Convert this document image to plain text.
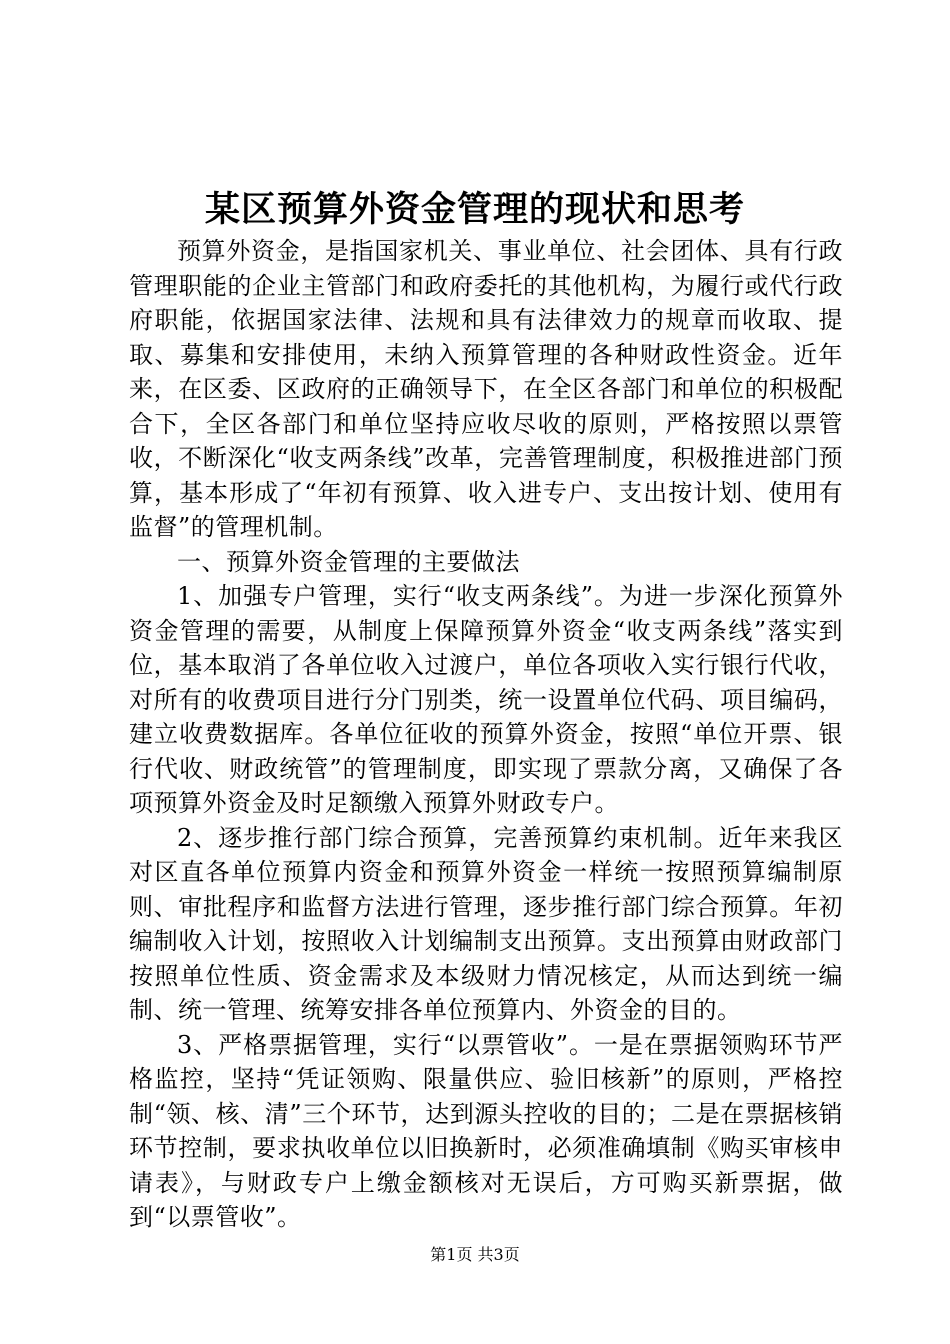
某区预算外资金管理的现状和思考

预算外资金，是指国家机关、事业单位、社会团体、具有行政管理职能的企业主管部门和政府委托的其他机构，为履行或代行政府职能，依据国家法律、法规和具有法律效力的规章而收取、提取、募集和安排使用，未纳入预算管理的各种财政性资金。近年来，在区委、区政府的正确领导下，在全区各部门和单位的积极配合下，全区各部门和单位坚持应收尽收的原则，严格按照以票管收，不断深化“收支两条线”改革，完善管理制度，积极推进部门预算，基本形成了“年初有预算、收入进专户、支出按计划、使用有监督”的管理机制。

一、预算外资金管理的主要做法

1、加强专户管理，实行“收支两条线”。为进一步深化预算外资金管理的需要，从制度上保障预算外资金“收支两条线”落实到位，基本取消了各单位收入过渡户，单位各项收入实行银行代收，对所有的收费项目进行分门别类，统一设置单位代码、项目编码，建立收费数据库。各单位征收的预算外资金，按照“单位开票、银行代收、财政统管”的管理制度，即实现了票款分离，又确保了各项预算外资金及时足额缴入预算外财政专户。

2、逐步推行部门综合预算，完善预算约束机制。近年来我区对区直各单位预算内资金和预算外资金一样统一按照预算编制原则、审批程序和监督方法进行管理，逐步推行部门综合预算。年初编制收入计划，按照收入计划编制支出预算。支出预算由财政部门按照单位性质、资金需求及本级财力情况核定，从而达到统一编制、统一管理、统筹安排各单位预算内、外资金的目的。

3、严格票据管理，实行“以票管收”。一是在票据领购环节严格监控，坚持“凭证领购、限量供应、验旧核新”的原则，严格控制“领、核、清”三个环节，达到源头控收的目的；二是在票据核销环节控制，要求执收单位以旧换新时，必须准确填制《购买审核申请表》，与财政专户上缴金额核对无误后，方可购买新票据，做到“以票管收”。

第1页 共3页
